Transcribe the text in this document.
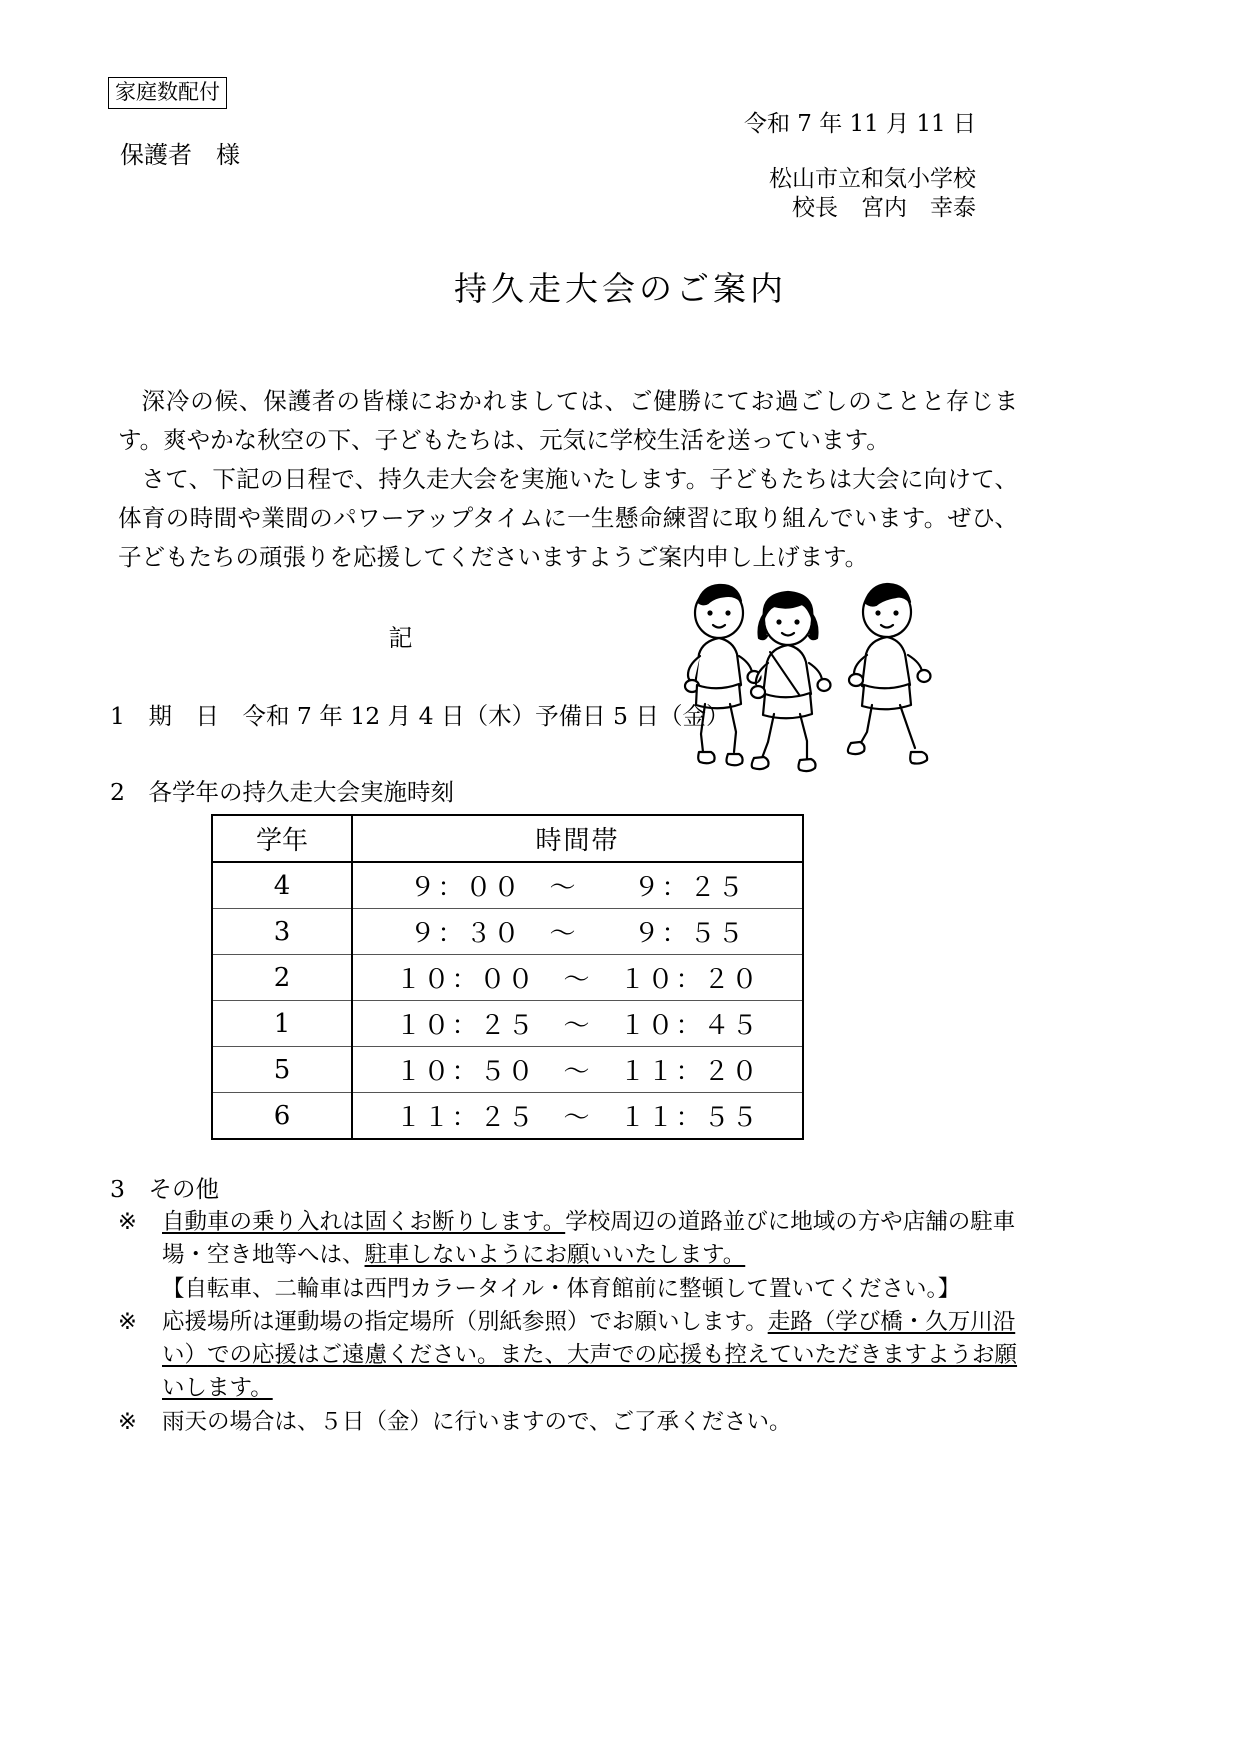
家庭数配付
保護者　様
令和 7 年 11 月 11 日
松山市立和気小学校
校長　宮内　幸泰
持久走大会のご案内

深冷の候、保護者の皆様におかれましては、ご健勝にてお過ごしのことと存じます。爽やかな秋空の下、子どもたちは、元気に学校生活を送っています。

さて、下記の日程で、持久走大会を実施いたします。子どもたちは大会に向けて、体育の時間や業間のパワーアップタイムに一生懸命練習に取り組んでいます。ぜひ、子どもたちの頑張りを応援してくださいますようご案内申し上げます。

記
1　期　日　令和 7 年 12 月 4 日（木）予備日 5 日（金）
2　各学年の持久走大会実施時刻
学年	時間帯
4	９：００　～　　９：２５
3	９：３０　～　　９：５５
2	１０：００　～　１０：２０
1	１０：２５　～　１０：４５
5	１０：５０　～　１１：２０
6	１１：２５　～　１１：５５
3　その他
※	自動車の乗り入れは固くお断りします。学校周辺の道路並びに地域の方や店舗の駐車場・空き地等へは、駐車しないようにお願いいたします。
【自転車、二輪車は西門カラータイル・体育館前に整頓して置いてください。】
※	応援場所は運動場の指定場所（別紙参照）でお願いします。走路（学び橋・久万川沿い）での応援はご遠慮ください。また、大声での応援も控えていただきますようお願いします。
※	雨天の場合は、５日（金）に行いますので、ご了承ください。
